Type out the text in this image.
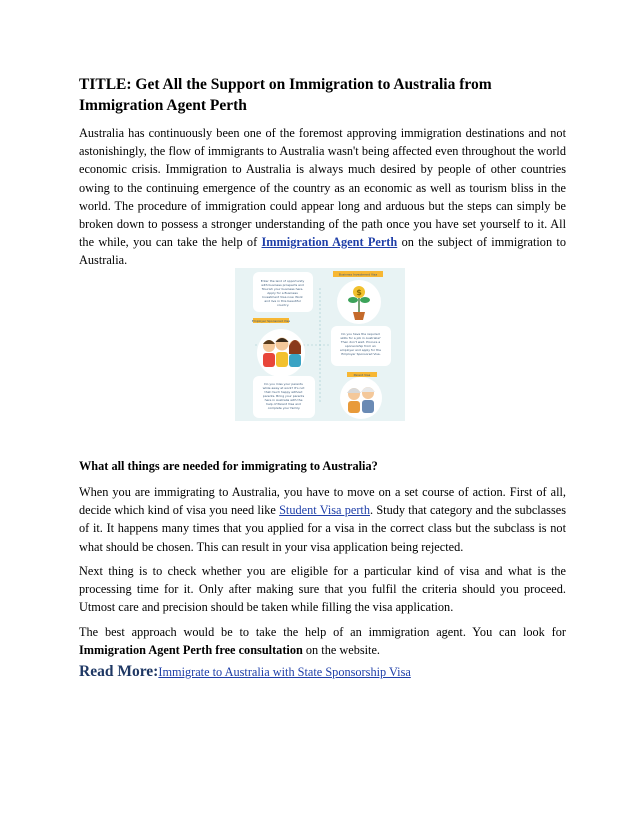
TITLE: Get All the Support on Immigration to Australia from Immigration Agent Perth

Australia has continuously been one of the foremost approving immigration destinations and not astonishingly, the flow of immigrants to Australia wasn't being affected even throughout the world economic crisis. Immigration to Australia is always much desired by people of other countries owing to the continuing emergence of the country as an economic as well as tourism bliss in the world. The procedure of immigration could appear long and arduous but the steps can simply be broken down to possess a stronger understanding of the path once you have set yourself to it. All the while, you can take the help of Immigration Agent Perth on the subject of immigration to Australia.

Enter the land of opportunity with business prospects and flourish your business here. Apply for a Business Investment Visa now. Work and live in this beautiful country.
Business Investment Visa
$
Employer Sponsored Visa
Do you have the required skills for a job in Australia? Then don't wait. Procure a sponsorship from an employer and apply for the Employer Sponsored Visa.
Do you miss your parents while away at work? It's not that much happy without parents. Bring your parents here in Australia with the help of Parent Visa and complete your family.
Parent Visa
What all things are needed for immigrating to Australia?

When you are immigrating to Australia, you have to move on a set course of action. First of all, decide which kind of visa you need like Student Visa perth. Study that category and the subclasses of it. It happens many times that you applied for a visa in the correct class but the subclass is not what should be chosen. This can result in your visa application being rejected.

Next thing is to check whether you are eligible for a particular kind of visa and what is the processing time for it. Only after making sure that you fulfil the criteria should you proceed. Utmost care and precision should be taken while filling the visa application.

The best approach would be to take the help of an immigration agent. You can look for Immigration Agent Perth free consultation on the website.

Read More:Immigrate to Australia with State Sponsorship Visa
